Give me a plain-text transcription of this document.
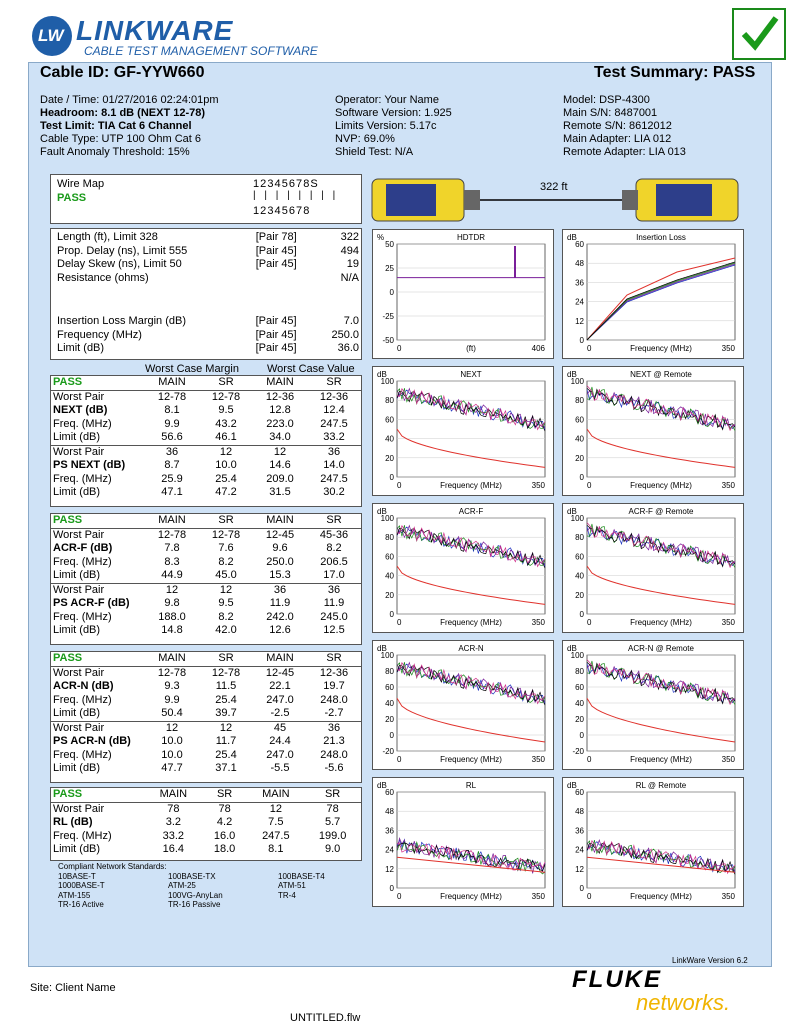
LW LINKWARE
CABLE TEST MANAGEMENT SOFTWARE
Cable ID: GF-YYW660	Test Summary: PASS
Date / Time: 01/27/2016 02:24:01pm
Headroom: 8.1 dB (NEXT 12-78)
Test Limit: TIA Cat 6 Channel
Cable Type: UTP 100 Ohm Cat 6
Fault Anomaly Threshold: 15%
Operator: Your Name
Software Version: 1.925
Limits Version: 5.17c
NVP: 69.0%
Shield Test: N/A
Model: DSP-4300
Main S/N: 8487001
Remote S/N: 8612012
Main Adapter: LIA 012
Remote Adapter: LIA 013
Wire Map
PASS
1 2 3 4 5 6 7 8 S
| | | | | | | |
1 2 3 4 5 6 7 8
322 ft
Length (ft), Limit 328	[Pair 78]	322
Prop. Delay (ns), Limit 555	[Pair 45]	494
Delay Skew (ns), Limit 50	[Pair 45]	19
Resistance (ohms)		N/A
Insertion Loss Margin (dB)	[Pair 45]	7.0
Frequency (MHz)	[Pair 45]	250.0
Limit (dB)	[Pair 45]	36.0
Worst Case Margin	Worst Case Value
PASS	MAIN	SR	MAIN	SR
Worst Pair	12-78	12-78	12-36	12-36
NEXT (dB)	8.1	9.5	12.8	12.4
Freq. (MHz)	9.9	43.2	223.0	247.5
Limit (dB)	56.6	46.1	34.0	33.2
Worst Pair	36	12	12	36
PS NEXT (dB)	8.7	10.0	14.6	14.0
Freq. (MHz)	25.9	25.4	209.0	247.5
Limit (dB)	47.1	47.2	31.5	30.2
PASS	MAIN	SR	MAIN	SR
Worst Pair	12-78	12-78	12-45	45-36
ACR-F (dB)	7.8	7.6	9.6	8.2
Freq. (MHz)	8.3	8.2	250.0	206.5
Limit (dB)	44.9	45.0	15.3	17.0
Worst Pair	12	12	36	36
PS ACR-F (dB)	9.8	9.5	11.9	11.9
Freq. (MHz)	188.0	8.2	242.0	245.0
Limit (dB)	14.8	42.0	12.6	12.5
PASS	MAIN	SR	MAIN	SR
Worst Pair	12-78	12-78	12-45	12-36
ACR-N (dB)	9.3	11.5	22.1	19.7
Freq. (MHz)	9.9	25.4	247.0	248.0
Limit (dB)	50.4	39.7	-2.5	-2.7
Worst Pair	12	12	45	36
PS ACR-N (dB)	10.0	11.7	24.4	21.3
Freq. (MHz)	10.0	25.4	247.0	248.0
Limit (dB)	47.7	37.1	-5.5	-5.6
PASS	MAIN	SR	MAIN	SR
Worst Pair	78	78	12	78
RL (dB)	3.2	4.2	7.5	5.7
Freq. (MHz)	33.2	16.0	247.5	199.0
Limit (dB)	16.4	18.0	8.1	9.0
Compliant Network Standards:
10BASE-T	100BASE-TX	100BASE-T4
1000BASE-T	ATM-25	ATM-51
ATM-155	100VG-AnyLan	TR-4
TR-16 Active	TR-16 Passive
%	HDTDR
50
25
0
-25
-50
0	(ft)	406
dB	Insertion Loss
60
48
36
24
12
0
0	Frequency (MHz)	350
dB	NEXT
100
80
60
40
20
0
0	Frequency (MHz)	350
dB	NEXT @ Remote
100
80
60
40
20
0
0	Frequency (MHz)	350
dB	ACR-F
100
80
60
40
20
0
0	Frequency (MHz)	350
dB	ACR-F @ Remote
100
80
60
40
20
0
0	Frequency (MHz)	350
dB	ACR-N
100
80
60
40
20
0
-20
0	Frequency (MHz)	350
dB	ACR-N @ Remote
100
80
60
40
20
0
-20
0	Frequency (MHz)	350
dB	RL
60
48
36
24
12
0
0	Frequency (MHz)	350
dB	RL @ Remote
60
48
36
24
12
0
0	Frequency (MHz)	350
LinkWare Version 6.2
Site: Client Name
UNTITLED.flw
FLUKE
networks.
